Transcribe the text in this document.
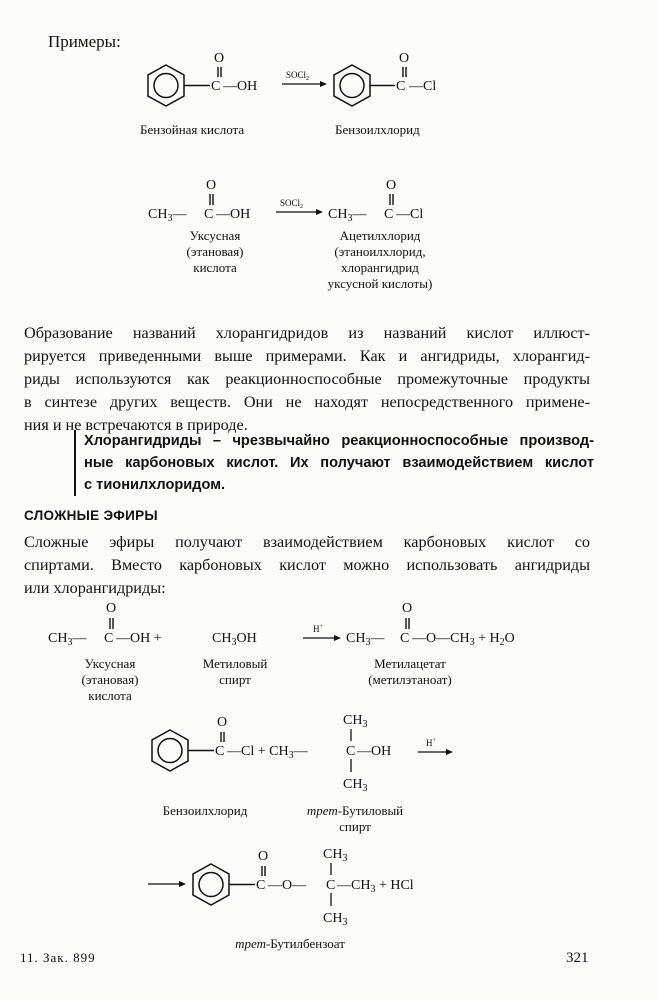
Примеры:
C
O
—OH
SOCl$_2$	C
O
—Cl
Бензойная кислота	Бензоилхлорид
$CH_3—$ C
O
—OH
SOCl$_2$ $CH_3—$ C
O
—Cl
Уксусная
(этановая)
кислота
Ацетилхлорид
(этаноилхлорид,
хлорангидрид
уксусной кислоты)
Образование названий хлорангидридов из названий кислот иллюст-
рируется приведенными выше примерами. Как и ангидриды, хлорангид-
риды используются как реакционноспособные промежуточные продукты
в синтезе других веществ. Они не находят непосредственного примене-
ния и не встречаются в природе.
Хлорангидриды – чрезвычайно реакционноспособные производ-
ные карбоновых кислот. Их получают взаимодействием кислот
с тионилхлоридом.
СЛОЖНЫЕ ЭФИРЫ
Сложные эфиры получают взаимодействием карбоновых кислот со
спиртами. Вместо карбоновых кислот можно использовать ангидриды
или хлорангидриды:
$CH_3—$ C
O
—OH +	$CH_3OH$
H+
$CH_3—$ C
O
$—O—CH_3 + H_2O$
Уксусная
(этановая)
кислота
Метиловый
спирт
Метилацетат
(метилэтаноат)
C
O
—Cl + $CH_3—$	C —OH
$CH_3$
$CH_3$
H+
Бензоилхлорид	трет-Бутиловый
спирт
C
O
—O— C
$CH_3$
$CH_3$
$—CH_3$ + HCl
трет-Бутилбензоат
11. Зак. 899	321
